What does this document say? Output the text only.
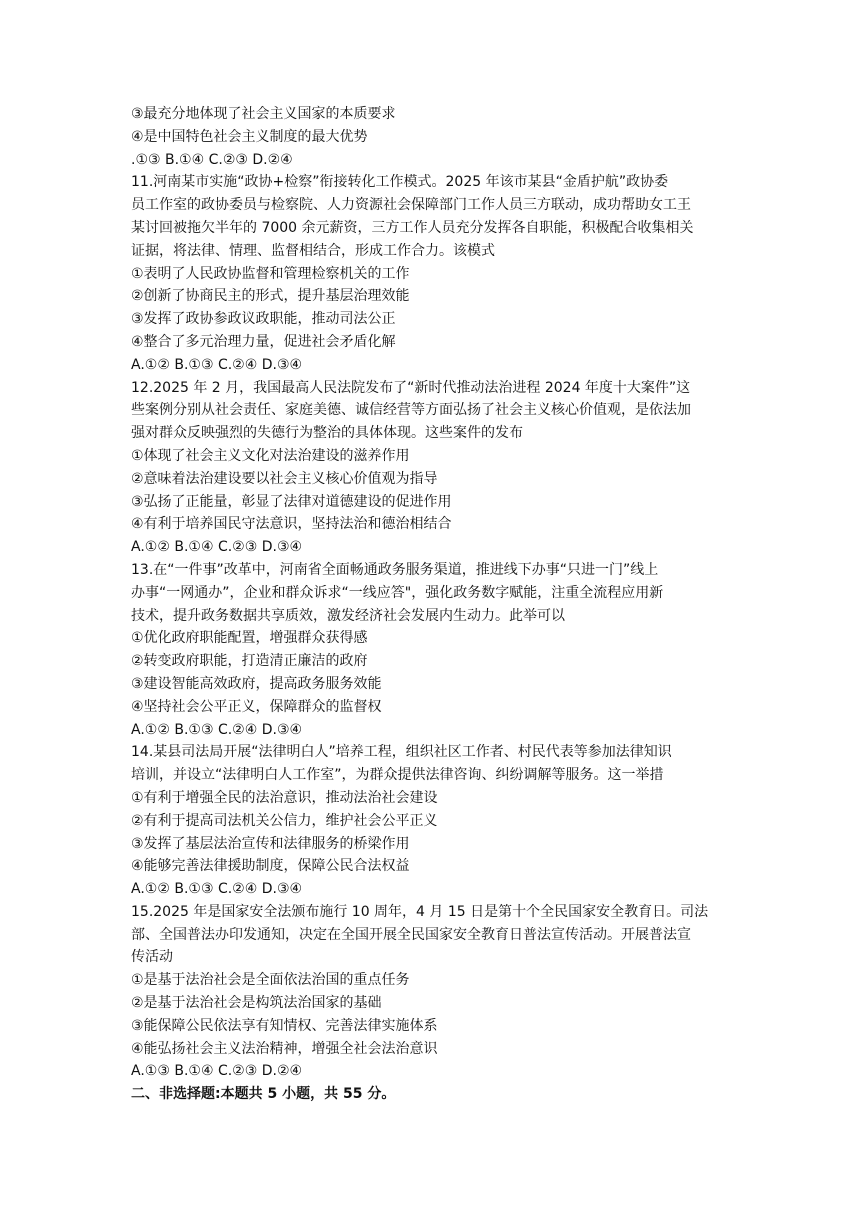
③最充分地体现了社会主义国家的本质要求
④是中国特色社会主义制度的最大优势
.①③ B.①④ C.②③ D.②④
11.河南某市实施“政协+检察”衔接转化工作模式。2025 年该市某县“金盾护航”政协委
员工作室的政协委员与检察院、人力资源社会保障部门工作人员三方联动，成功帮助女工王
某讨回被拖欠半年的 7000 余元薪资，三方工作人员充分发挥各自职能，积极配合收集相关
证据，将法律、情理、监督相结合，形成工作合力。该模式
①表明了人民政协监督和管理检察机关的工作
②创新了协商民主的形式，提升基层治理效能
③发挥了政协参政议政职能，推动司法公正
④整合了多元治理力量，促进社会矛盾化解
A.①② B.①③ C.②④ D.③④
12.2025 年 2 月，我国最高人民法院发布了“新时代推动法治进程 2024 年度十大案件”这
些案例分别从社会责任、家庭美德、诚信经营等方面弘扬了社会主义核心价值观，是依法加
强对群众反映强烈的失德行为整治的具体体现。这些案件的发布
①体现了社会主义文化对法治建设的滋养作用
②意味着法治建设要以社会主义核心价值观为指导
③弘扬了正能量，彰显了法律对道德建设的促进作用
④有利于培养国民守法意识，坚持法治和德治相结合
A.①② B.①④ C.②③ D.③④
13.在“一件事”改革中，河南省全面畅通政务服务渠道，推进线下办事“只进一门”线上
办事“一网通办”，企业和群众诉求“一线应答"，强化政务数字赋能，注重全流程应用新
技术，提升政务数据共享质效，激发经济社会发展内生动力。此举可以
①优化政府职能配置，增强群众获得感
②转变政府职能，打造清正廉洁的政府
③建设智能高效政府，提高政务服务效能
④坚持社会公平正义，保障群众的监督权
A.①② B.①③ C.②④ D.③④
14.某县司法局开展“法律明白人”培养工程，组织社区工作者、村民代表等参加法律知识
培训，并设立“法律明白人工作室”，为群众提供法律咨询、纠纷调解等服务。这一举措
①有利于增强全民的法治意识，推动法治社会建设
②有利于提高司法机关公信力，维护社会公平正义
③发挥了基层法治宣传和法律服务的桥梁作用
④能够完善法律援助制度，保障公民合法权益
A.①② B.①③ C.②④ D.③④
15.2025 年是国家安全法颁布施行 10 周年，4 月 15 日是第十个全民国家安全教育日。司法
部、全国普法办印发通知，决定在全国开展全民国家安全教育日普法宣传活动。开展普法宣
传活动
①是基于法治社会是全面依法治国的重点任务
②是基于法治社会是构筑法治国家的基础
③能保障公民依法享有知情权、完善法律实施体系
④能弘扬社会主义法治精神，增强全社会法治意识
A.①③ B.①④ C.②③ D.②④
二、非选择题:本题共 5 小题，共 55 分。
